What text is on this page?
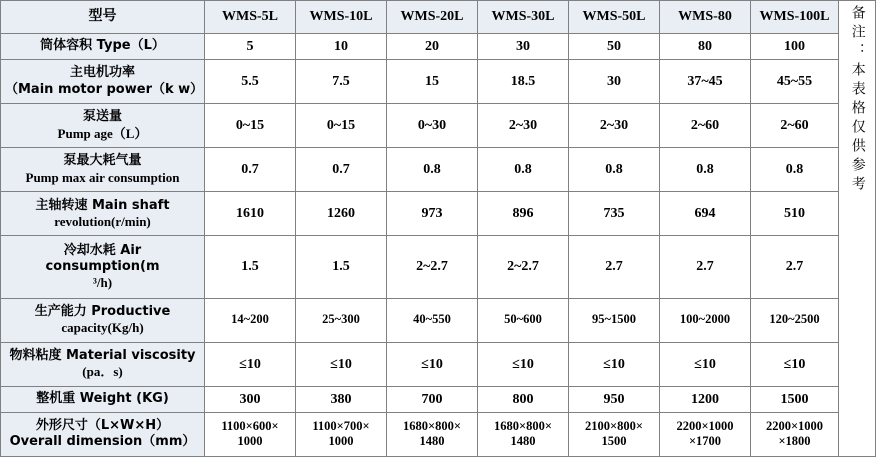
型号	WMS-5L	WMS-10L	WMS-20L	WMS-30L	WMS-50L	WMS-80	WMS-100L

筒体容积 Type（L）	5	10	20	30	50	80	100

主电机功率
（Main motor power（k w）	5.5	7.5	15	18.5	30	37~45	45~55

泵送量
Pump age（L）	0~15	0~15	0~30	2~30	2~30	2~60	2~60

泵最大耗气量
Pump max air consumption	0.7	0.7	0.8	0.8	0.8	0.8	0.8

主轴转速 Main shaft
revolution(r/min)	1610	1260	973	896	735	694	510

冷却水耗 Air consumption(m
³/h)	1.5	1.5	2~2.7	2~2.7	2.7	2.7	2.7

生产能力 Productive
capacity(Kg/h)	14~200	25~300	40~550	50~600	95~1500	100~2000	120~2500

物料粘度 Material viscosity
(pa．s)	≤10	≤10	≤10	≤10	≤10	≤10	≤10

整机重 Weight (KG)	300	380	700	800	950	1200	1500

外形尺寸（L×W×H）
Overall dimension（mm）	1100×600×
1000	1100×700×
1000	1680×800×
1480	1680×800×
1480	2100×800×
1500	2200×1000
×1700	2200×1000
×1800
备注：本表格仅供参考
